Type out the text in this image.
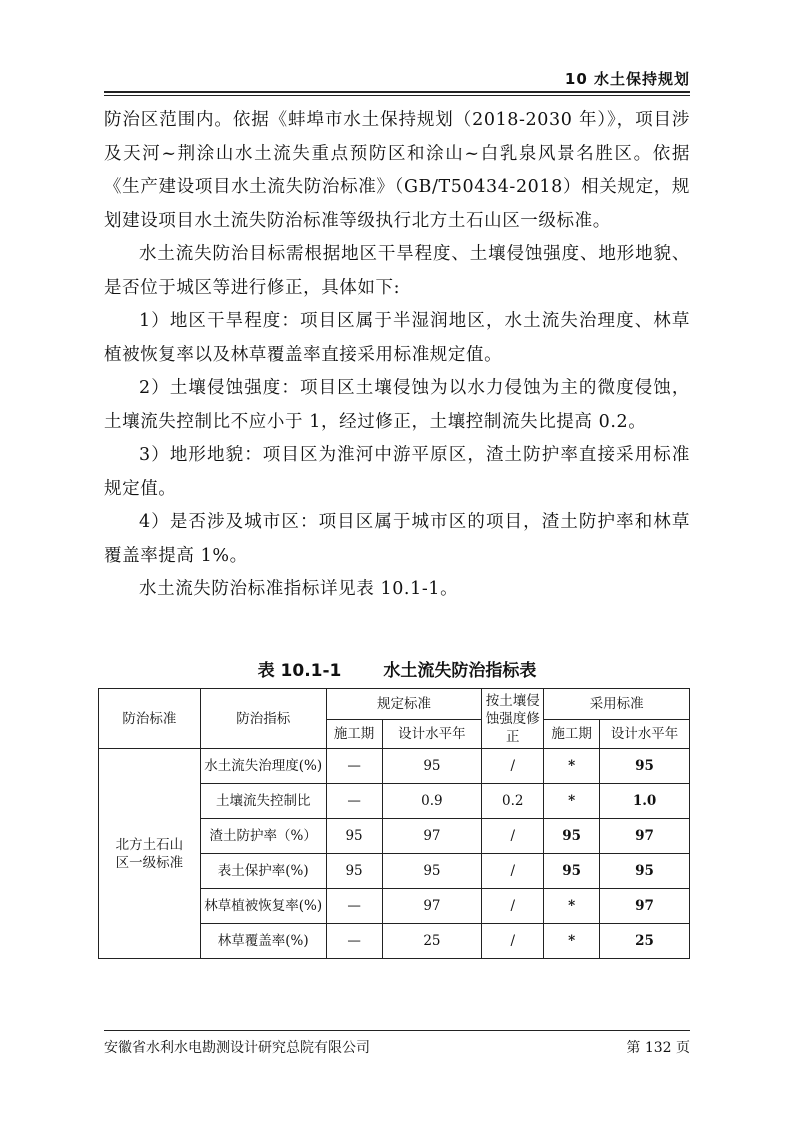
10 水土保持规划

防治区范围内。依据《蚌埠市水土保持规划（2018-2030 年）》，项目涉及天河~荆涂山水土流失重点预防区和涂山~白乳泉风景名胜区。依据《生产建设项目水土流失防治标准》（GB/T50434-2018）相关规定，规划建设项目水土流失防治标准等级执行北方土石山区一级标准。

水土流失防治目标需根据地区干旱程度、土壤侵蚀强度、地形地貌、是否位于城区等进行修正，具体如下:

1）地区干旱程度：项目区属于半湿润地区，水土流失治理度、林草植被恢复率以及林草覆盖率直接采用标准规定值。

2）土壤侵蚀强度：项目区土壤侵蚀为以水力侵蚀为主的微度侵蚀，土壤流失控制比不应小于 1，经过修正，土壤控制流失比提高 0.2。

3）地形地貌：项目区为淮河中游平原区，渣土防护率直接采用标准规定值。

4）是否涉及城市区：项目区属于城市区的项目，渣土防护率和林草覆盖率提高 1%。

水土流失防治标准指标详见表 10.1-1。

表 10.1-1 水土流失防治指标表
防治标准	防治指标	规定标准		按土壤侵蚀强度修正	采用标准	
		施工期	设计水平年		施工期	设计水平年
北方土石山区一级标准	水土流失治理度(%)	—	95	/	*	95
	土壤流失控制比	—	0.9	0.2	*	1.0
	渣土防护率（%）	95	97	/	95	97
	表土保护率(%)	95	95	/	95	95
	林草植被恢复率(%)	—	97	/	*	97
	林草覆盖率(%)	—	25	/	*	25
安徽省水利水电勘测设计研究总院有限公司	第 132 页
